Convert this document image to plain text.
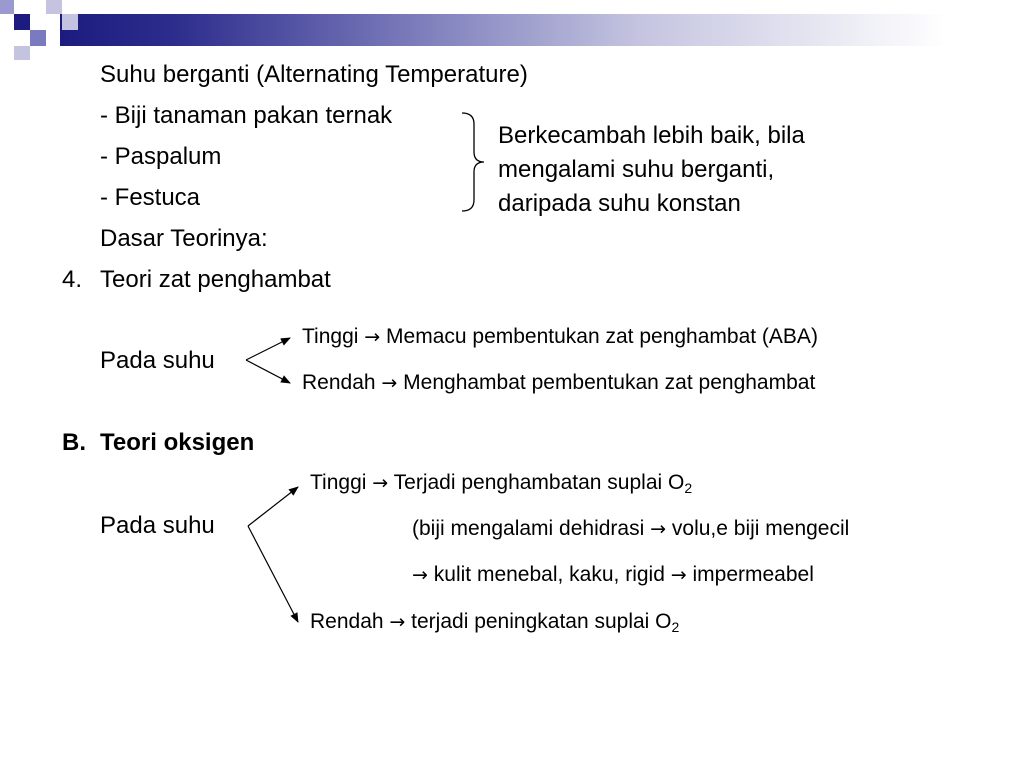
Suhu berganti (Alternating Temperature)
- Biji tanaman pakan ternak
- Paspalum
- Festuca
Berkecambah lebih baik, bila
mengalami suhu berganti,
daripada suhu konstan
Dasar Teorinya:
4. Teori zat penghambat
Pada suhu
Tinggi → Memacu pembentukan zat penghambat (ABA)
Rendah → Menghambat pembentukan zat penghambat
B. Teori oksigen
Pada suhu
Tinggi → Terjadi penghambatan suplai $O_2$
(biji mengalami dehidrasi → volu,e biji mengecil
→ kulit menebal, kaku, rigid → impermeabel
Rendah → terjadi peningkatan suplai $O_2$
